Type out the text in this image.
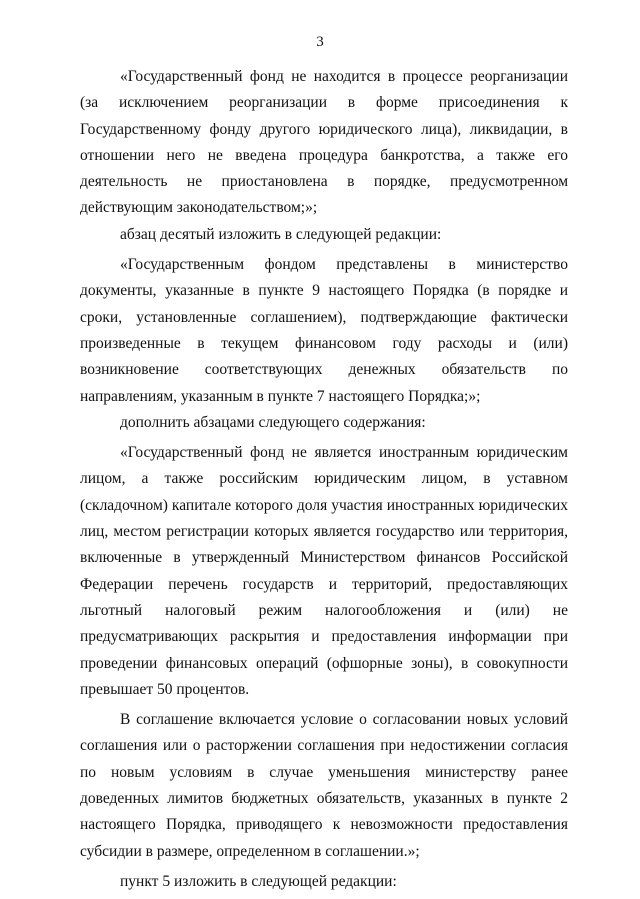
3

«Государственный фонд не находится в процессе реорганизации (за исключением реорганизации в форме присоединения к Государственному фонду другого юридического лица), ликвидации, в отношении него не введена процедура банкротства, а также его деятельность не приостановлена в порядке, предусмотренном действующим законодательством;»;

абзац десятый изложить в следующей редакции:

«Государственным фондом представлены в министерство документы, указанные в пункте 9 настоящего Порядка (в порядке и сроки, установленные соглашением), подтверждающие фактически произведенные в текущем финансовом году расходы и (или) возникновение соответствующих денежных обязательств по направлениям, указанным в пункте 7 настоящего Порядка;»;

дополнить абзацами следующего содержания:

«Государственный фонд не является иностранным юридическим лицом, а также российским юридическим лицом, в уставном (складочном) капитале которого доля участия иностранных юридических лиц, местом регистрации которых является государство или территория, включенные в утвержденный Министерством финансов Российской Федерации перечень государств и территорий, предоставляющих льготный налоговый режим налогообложения и (или) не предусматривающих раскрытия и предоставления информации при проведении финансовых операций (офшорные зоны), в совокупности превышает 50 процентов.

В соглашение включается условие о согласовании новых условий соглашения или о расторжении соглашения при недостижении согласия по новым условиям в случае уменьшения министерству ранее доведенных лимитов бюджетных обязательств, указанных в пункте 2 настоящего Порядка, приводящего к невозможности предоставления субсидии в размере, определенном в соглашении.»;

пункт 5 изложить в следующей редакции:
